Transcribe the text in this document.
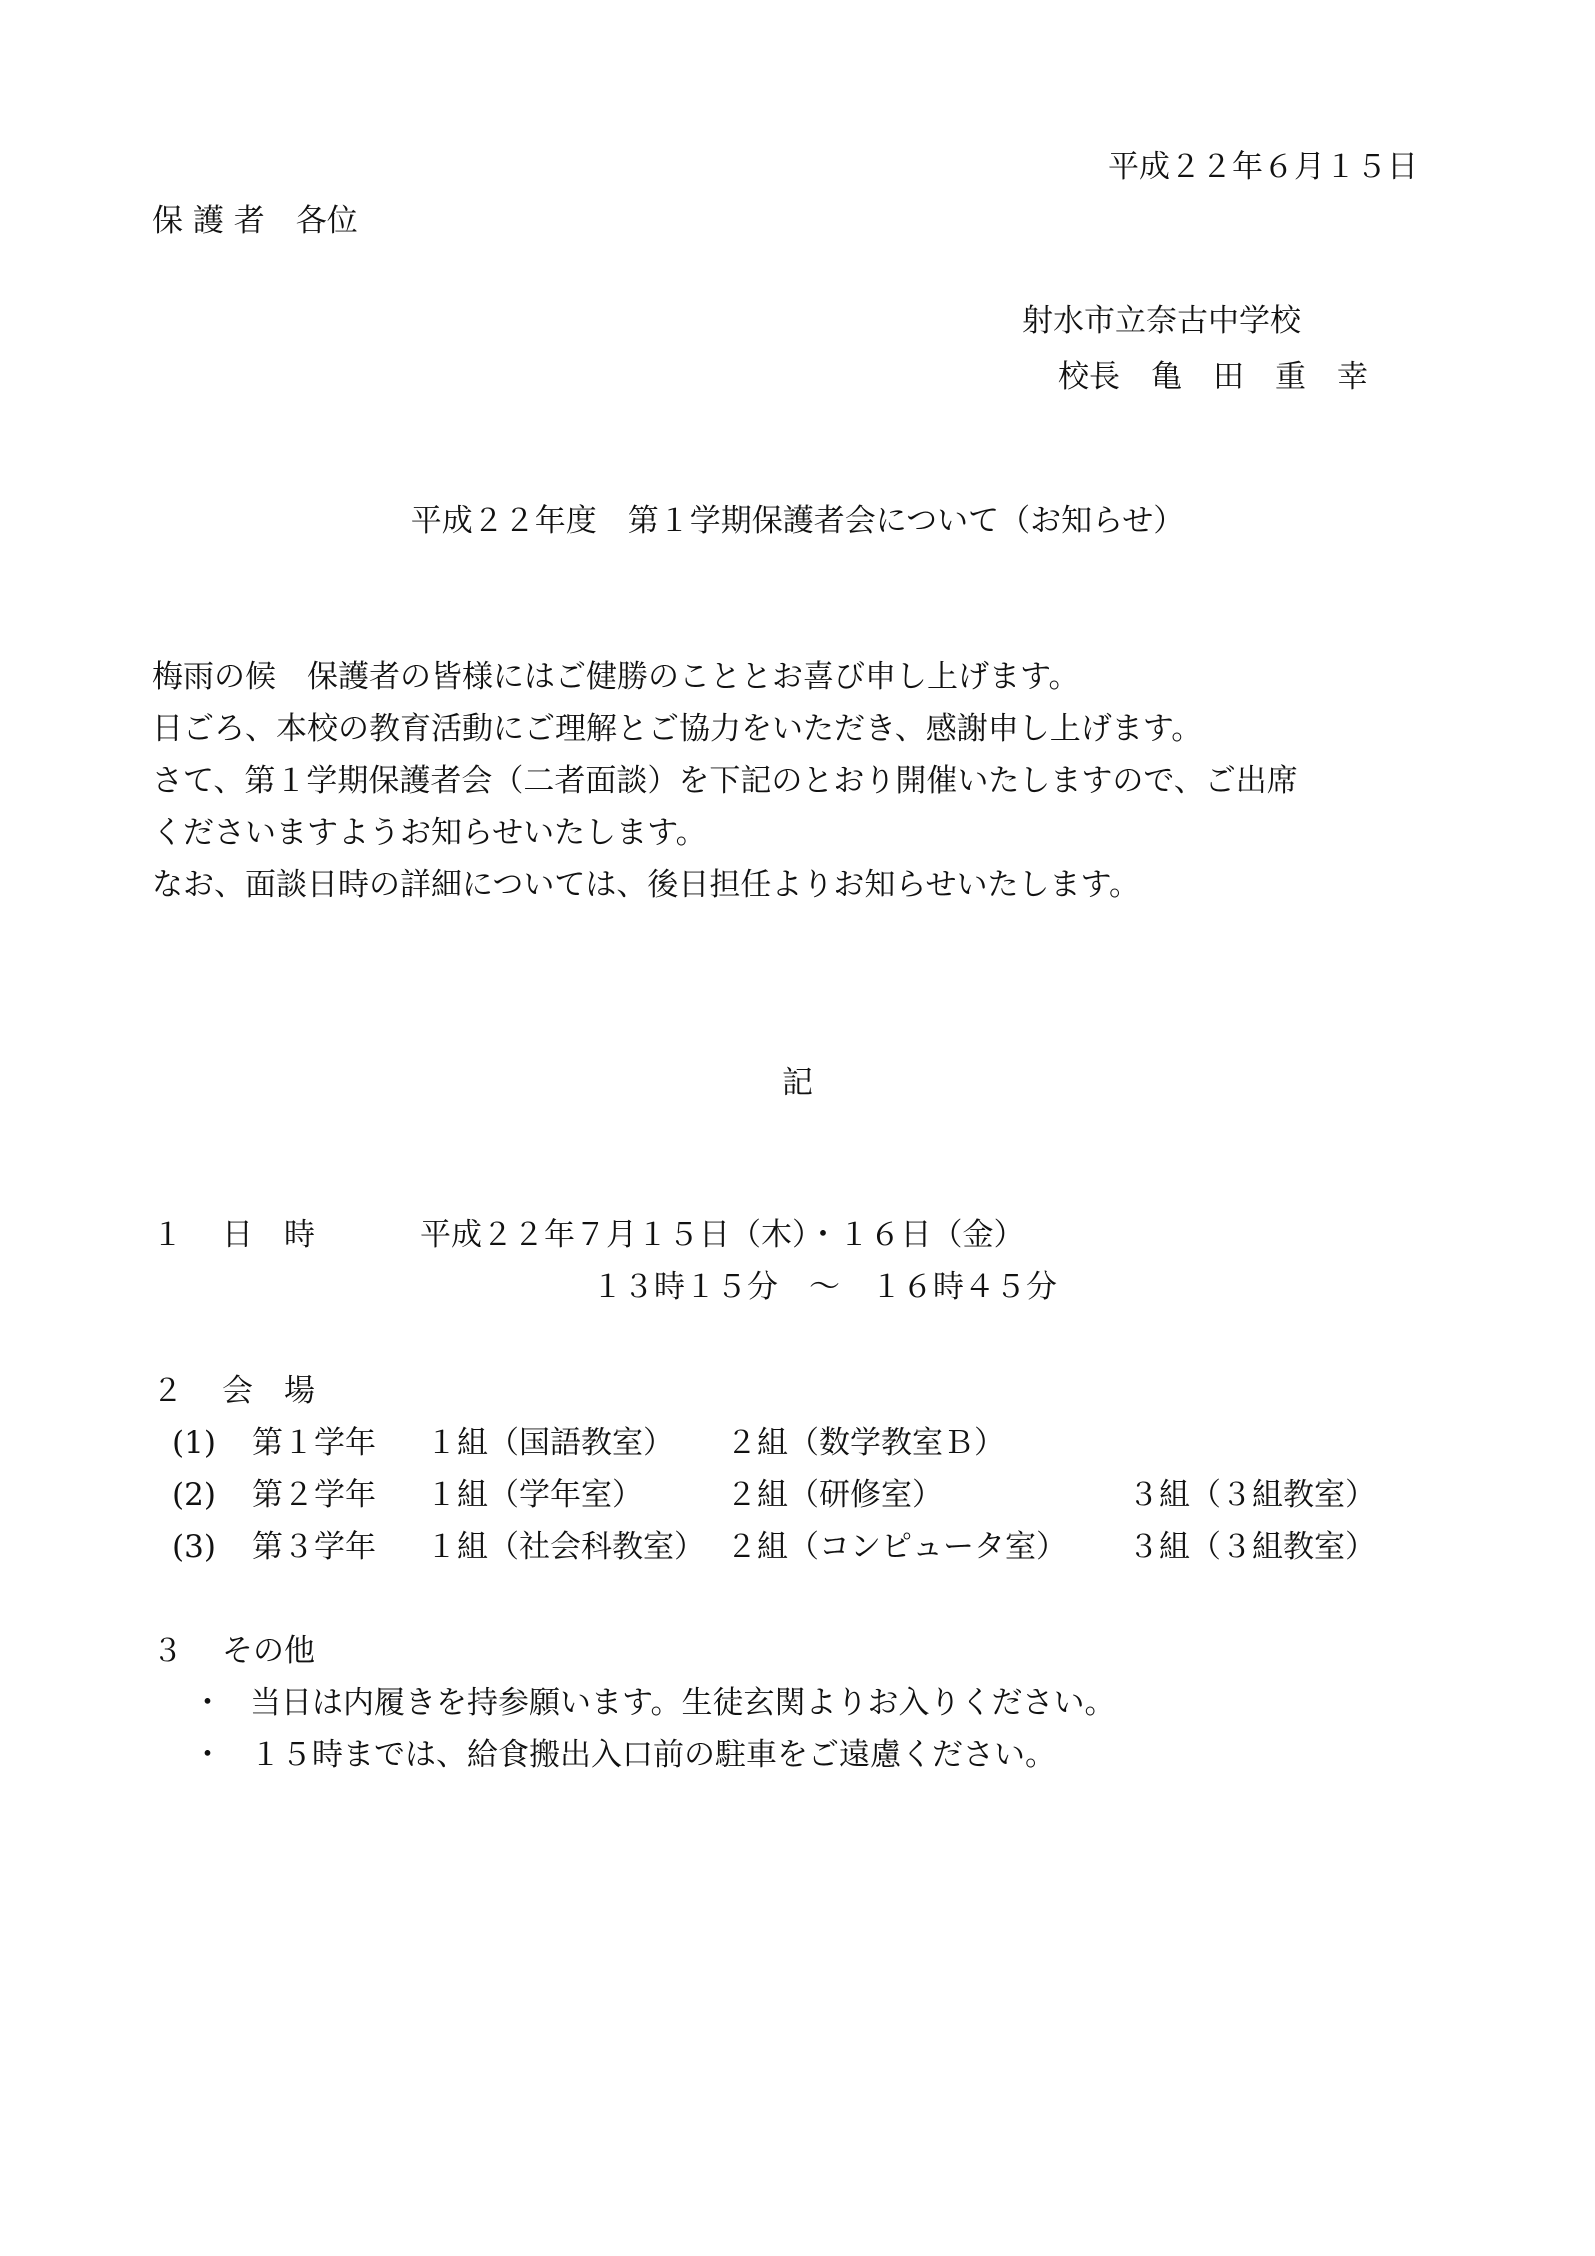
平成２２年６月１５日
保 護 者　各位
射水市立奈古中学校
校長　亀　田　重　幸
平成２２年度　第１学期保護者会について（お知らせ）
梅雨の候　保護者の皆様にはご健勝のこととお喜び申し上げます。
日ごろ、本校の教育活動にご理解とご協力をいただき、感謝申し上げます。
さて、第１学期保護者会（二者面談）を下記のとおり開催いたしますので、ご出席
くださいますようお知らせいたします。
なお、面談日時の詳細については、後日担任よりお知らせいたします。
記
１ 日　時	平成２２年７月１５日（木）・１６日（金）
１３時１５分　～　１６時４５分
２ 会　場
(1) 第１学年 １組（国語教室） ２組（数学教室Ｂ）
(2) 第２学年 １組（学年室）	２組（研修室）	３組（３組教室）
(3) 第３学年 １組（社会科教室） ２組（コンピュータ室） ３組（３組教室）
３ その他

・

当日は内履きを持参願います。生徒玄関よりお入りください。

・

１５時までは、給食搬出入口前の駐車をご遠慮ください。
